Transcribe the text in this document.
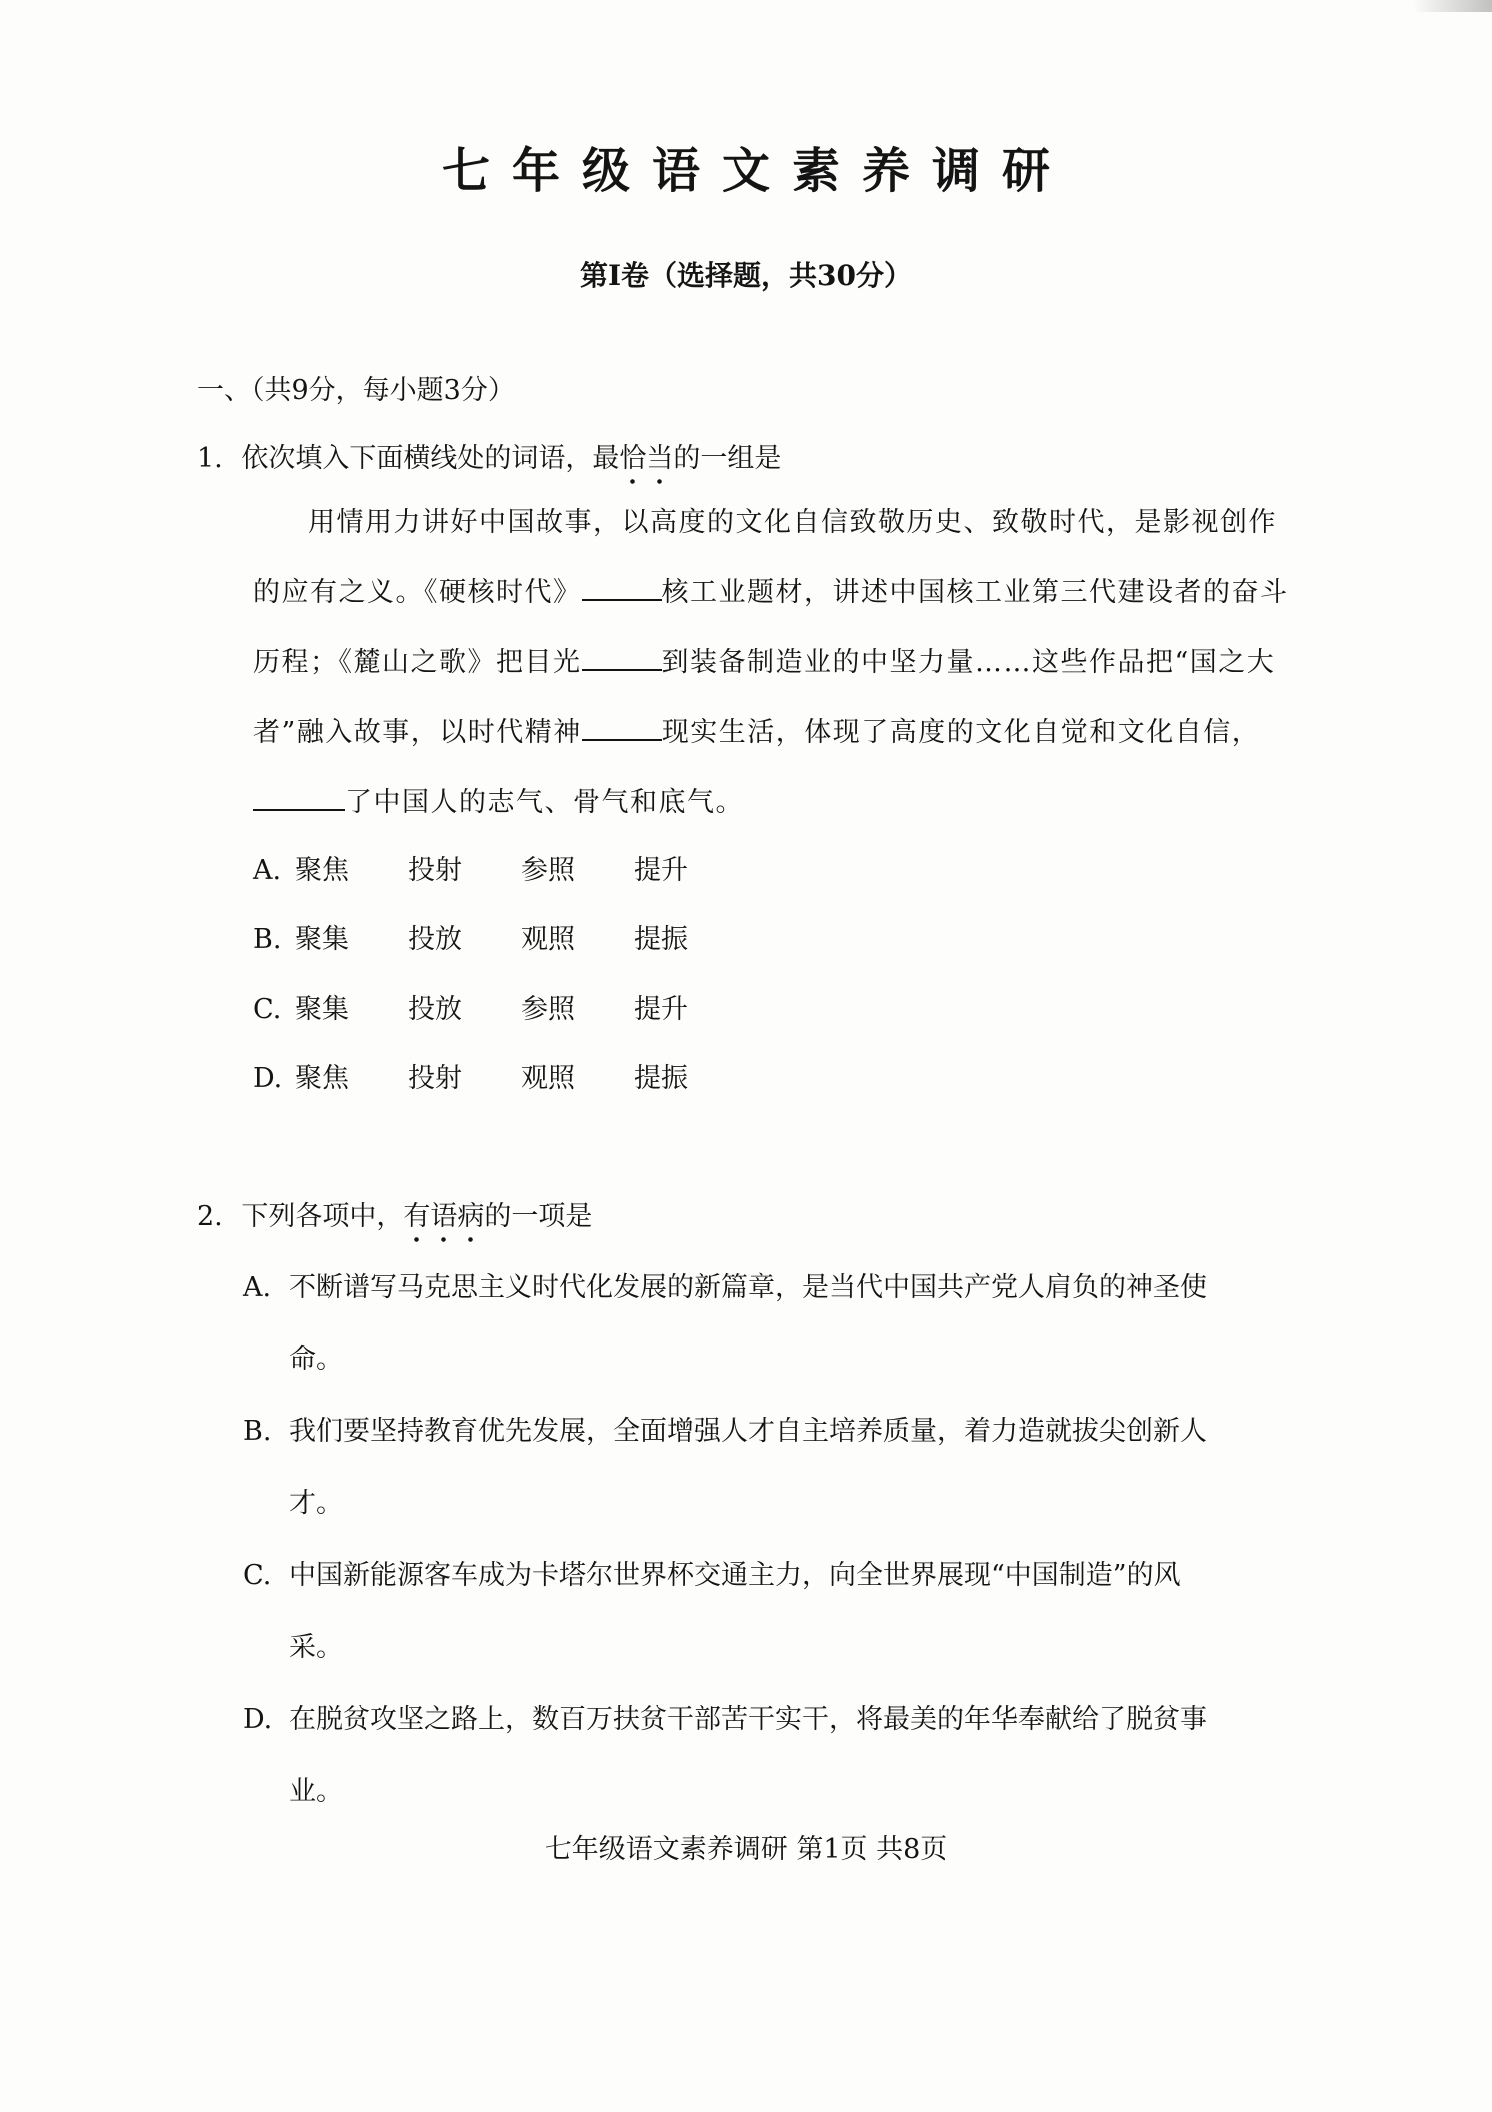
七年级语文素养调研
第Ⅰ卷（选择题，共30分）
一、（共9分，每小题3分）
1. 依次填入下面横线处的词语，最恰当的一组是
用情用力讲好中国故事，以高度的文化自信致敬历史、致敬时代，是影视创作
的应有之义。《硬核时代》	核工业题材，讲述中国核工业第三代建设者的奋斗
历程；《麓山之歌》把目光	到装备制造业的中坚力量……这些作品把“国之大
者”融入故事，以时代精神	现实生活，体现了高度的文化自觉和文化自信，
了中国人的志气、骨气和底气。
A. 聚焦 投射 参照 提升
B. 聚集 投放 观照 提振
C. 聚集 投放 参照 提升
D. 聚焦 投射 观照 提振
2. 下列各项中，有语病的一项是
A. 不断谱写马克思主义时代化发展的新篇章，是当代中国共产党人肩负的神圣使
命。
B. 我们要坚持教育优先发展，全面增强人才自主培养质量，着力造就拔尖创新人
才。
C. 中国新能源客车成为卡塔尔世界杯交通主力，向全世界展现“中国制造”的风
采。
D. 在脱贫攻坚之路上，数百万扶贫干部苦干实干，将最美的年华奉献给了脱贫事
业。
七年级语文素养调研 第1页 共8页
